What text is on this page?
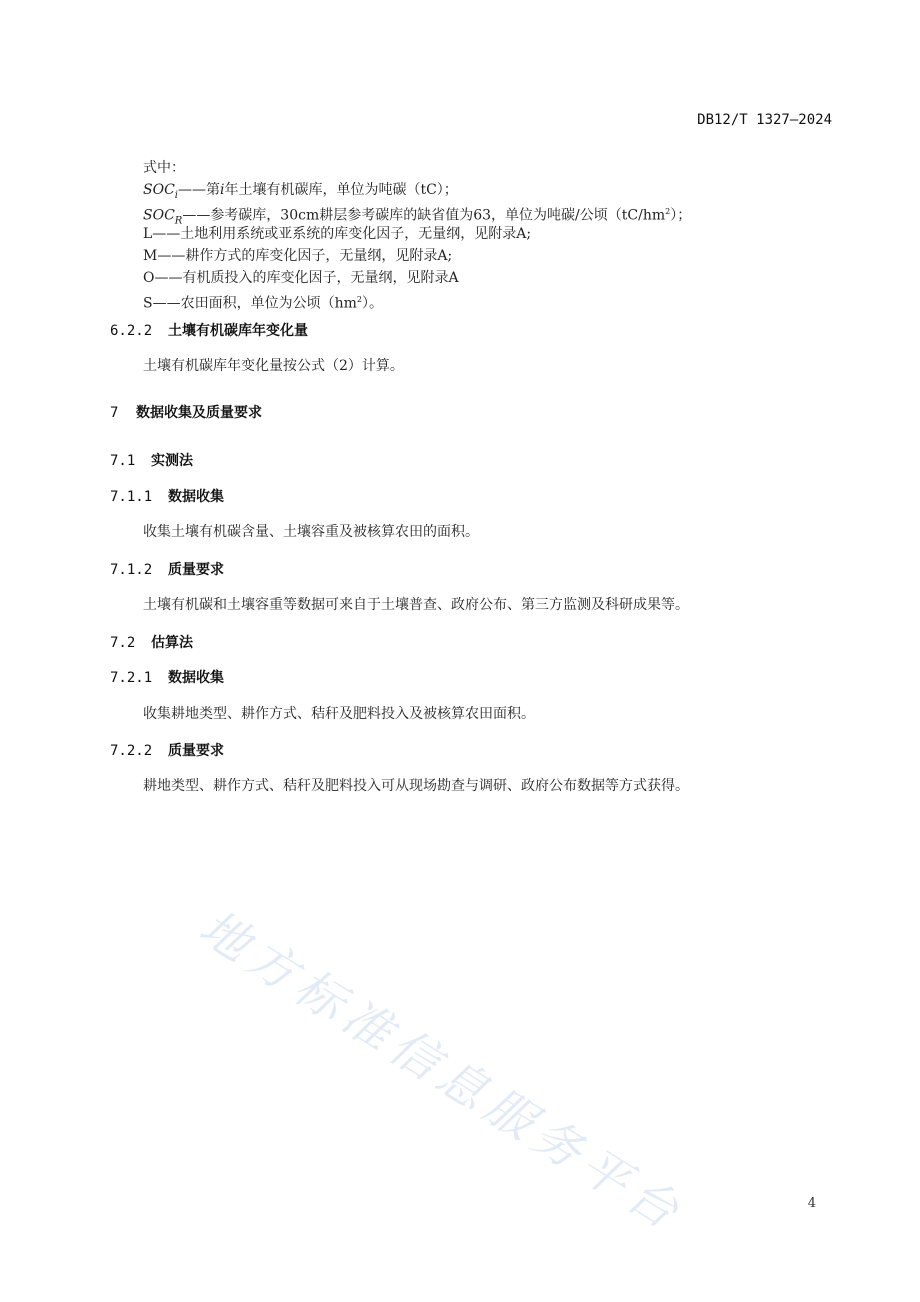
DB12/T 1327—2024
式中：
$SOC_i——$第i年土壤有机碳库，单位为吨碳（tC）；
$SOC_R——$参考碳库，30cm耕层参考碳库的缺省值为63，单位为吨碳/公顷$(tC/hm^2)$；
L——土地利用系统或亚系统的库变化因子，无量纲，见附录A;
M——耕作方式的库变化因子，无量纲，见附录A;
O——有机质投入的库变化因子，无量纲，见附录A
S——农田面积，单位为公顷$(hm^2)$。
6.2.2 土壤有机碳库年变化量
土壤有机碳库年变化量按公式（2）计算。
7 数据收集及质量要求
7.1 实测法
7.1.1 数据收集
收集土壤有机碳含量、土壤容重及被核算农田的面积。
7.1.2 质量要求
土壤有机碳和土壤容重等数据可来自于土壤普查、政府公布、第三方监测及科研成果等。
7.2 估算法
7.2.1 数据收集
收集耕地类型、耕作方式、秸秆及肥料投入及被核算农田面积。
7.2.2 质量要求
耕地类型、耕作方式、秸秆及肥料投入可从现场勘查与调研、政府公布数据等方式获得。
地方标准信息服务平台	4
